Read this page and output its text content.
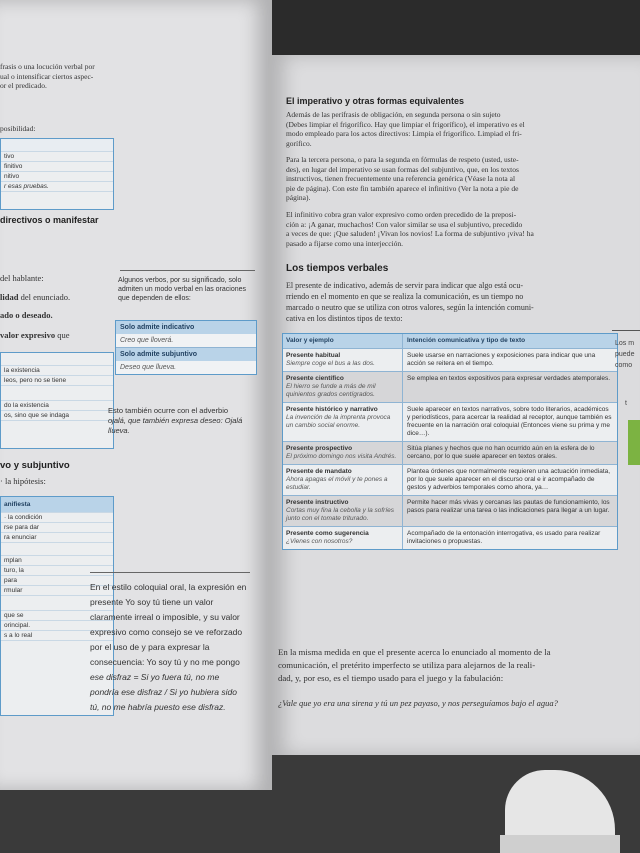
frasis o una locución verbal por
ual o intensificar ciertos aspec-
or el predicado.
posibilidad:
tivo
finitivo
nitivo
r esas pruebas.
directivos o manifestar
del hablante:
lidad del enunciado.
ado o deseado.
valor expresivo que
la existencia
leos, pero no se tiene
do la existencia
os, sino que se indaga
vo y subjuntivo
· la hipótesis:
anifiesta
· la condición
rse para dar
ra enunciar
mplan
turo, la
para
rmular
que se
orincipal.
s a lo real
Algunos verbos, por su significado, solo
admiten un modo verbal en las oraciones
que dependen de ellos:
Solo admite indicativo
Creo que lloverá.
Solo admite subjuntivo
Deseo que llueva.
Esto también ocurre con el adverbio
ojalá, que también expresa deseo: Ojalá
llueva.
En el estilo coloquial oral, la expresión en
presente Yo soy tú tiene un valor
claramente irreal o imposible, y su valor
expresivo como consejo se ve reforzado
por el uso de y para expresar la
consecuencia: Yo soy tú y no me pongo
ese disfraz = Si yo fuera tú, no me
pondría ese disfraz / Si yo hubiera sido
tú, no me habría puesto ese disfraz.
El imperativo y otras formas equivalentes
Además de las perífrasis de obligación, en segunda persona o sin sujeto
(Debes limpiar el frigorífico. Hay que limpiar el frigorífico), el imperativo es el
modo empleado para los actos directivos: Limpia el frigorífico. Limpiad el fri-
gorífico.
Para la tercera persona, o para la segunda en fórmulas de respeto (usted, uste-
des), en lugar del imperativo se usan formas del subjuntivo, que, en los textos
instructivos, tienen frecuentemente una referencia genérica (Véase la nota al
pie de página). Con este fin también aparece el infinitivo (Ver la nota a pie de
página).
El infinitivo cobra gran valor expresivo como orden precedido de la preposi-
ción a: ¡A ganar, muchachos! Con valor similar se usa el subjuntivo, precedido
a veces de que: ¡Que saluden! ¡Vivan los novios! La forma de subjuntivo ¡viva! ha
pasado a fijarse como una interjección.
Los tiempos verbales
El presente de indicativo, además de servir para indicar que algo está ocu-
rriendo en el momento en que se realiza la comunicación, es un tiempo no
marcado o neutro que se utiliza con otros valores, según la intención comuni-
cativa en los distintos tipos de texto:
Valor y ejemplo	Intención comunicativa y tipo de texto
Presente habitual
Siempre coge el bus a las dos.
Suele usarse en narraciones y exposiciones para indicar que una acción se reitera en el tiempo.
Presente científico
El hierro se funde a más de mil quinientos grados centígrados.
Se emplea en textos expositivos para expresar verdades atemporales.
Presente histórico y narrativo
La invención de la imprenta provoca un cambio social enorme.
Suele aparecer en textos narrativos, sobre todo literarios, académicos y periodísticos, para acercar la realidad al receptor, aunque también es frecuente en la narración oral coloquial (Entonces viene su prima y me dice…).
Presente prospectivo
El próximo domingo nos visita Andrés.
Sitúa planes y hechos que no han ocurrido aún en la esfera de lo cercano, por lo que suele aparecer en textos orales.
Presente de mandato
Ahora apagas el móvil y te pones a estudiar.
Plantea órdenes que normalmente requieren una actuación inmediata, por lo que suele aparecer en el discurso oral e ir acompañado de gestos y adverbios temporales como ahora, ya…
Presente instructivo
Cortas muy fina la cebolla y la sofríes junto con el tomate triturado.
Permite hacer más vivas y cercanas las pautas de funcionamiento, los pasos para realizar una tarea o las indicaciones para llegar a un lugar.
Presente como sugerencia
¿Vienes con nosotros?
Acompañado de la entonación interrogativa, es usado para realizar invitaciones o propuestas.
En la misma medida en que el presente acerca lo enunciado al momento de la
comunicación, el pretérito imperfecto se utiliza para alejarnos de la reali-
dad, y, por eso, es el tiempo usado para el juego y la fabulación:
¿Vale que yo era una sirena y tú un pez payaso, y nos perseguíamos bajo el agua?
Los m
puede
como
t
